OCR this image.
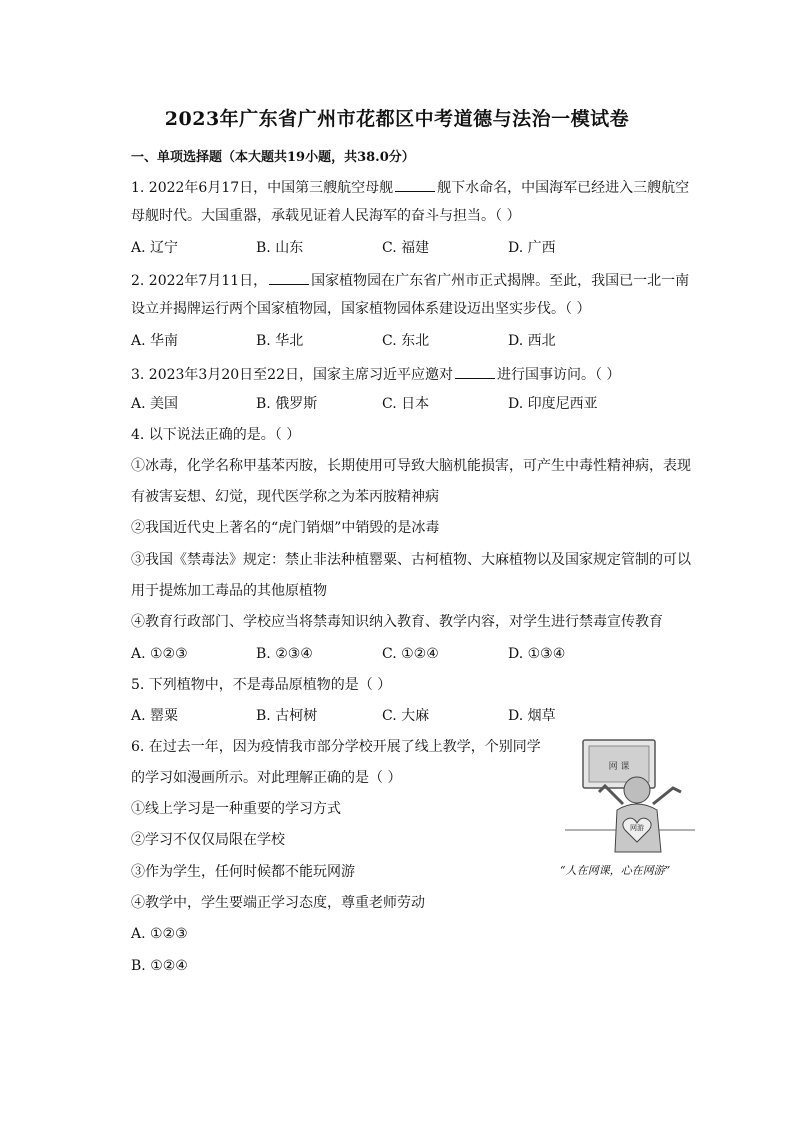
2023年广东省广州市花都区中考道德与法治一模试卷
一、单项选择题（本大题共19小题，共38.0分）
1. 2022年6月17日，中国第三艘航空母舰	舰下水命名，中国海军已经进入三艘航空
母舰时代。大国重器，承载见证着人民海军的奋斗与担当。（ ）
A. 辽宁	B. 山东	C. 福建	D. 广西
2. 2022年7月11日，	国家植物园在广东省广州市正式揭牌。至此，我国已一北一南
设立并揭牌运行两个国家植物园，国家植物园体系建设迈出坚实步伐。（ ）
A. 华南	B. 华北	C. 东北	D. 西北
3. 2023年3月20日至22日，国家主席习近平应邀对	进行国事访问。（ ）
A. 美国	B. 俄罗斯	C. 日本	D. 印度尼西亚
4. 以下说法正确的是。（ ）
①冰毒，化学名称甲基苯丙胺，长期使用可导致大脑机能损害，可产生中毒性精神病，表现
有被害妄想、幻觉，现代医学称之为苯丙胺精神病
②我国近代史上著名的“虎门销烟”中销毁的是冰毒
③我国《禁毒法》规定：禁止非法种植罂粟、古柯植物、大麻植物以及国家规定管制的可以
用于提炼加工毒品的其他原植物
④教育行政部门、学校应当将禁毒知识纳入教育、教学内容，对学生进行禁毒宣传教育
A. ①②③	B. ②③④	C. ①②④	D. ①③④
5. 下列植物中，不是毒品原植物的是（ ）
A. 罂粟	B. 古柯树	C. 大麻	D. 烟草
6. 在过去一年，因为疫情我市部分学校开展了线上教学，个别同学
的学习如漫画所示。对此理解正确的是（ ）
①线上学习是一种重要的学习方式
②学习不仅仅局限在学校
③作为学生，任何时候都不能玩网游
④教学中，学生要端正学习态度，尊重老师劳动
A. ①②③
B. ①②④
网 课
网游
“人在网课，心在网游”
